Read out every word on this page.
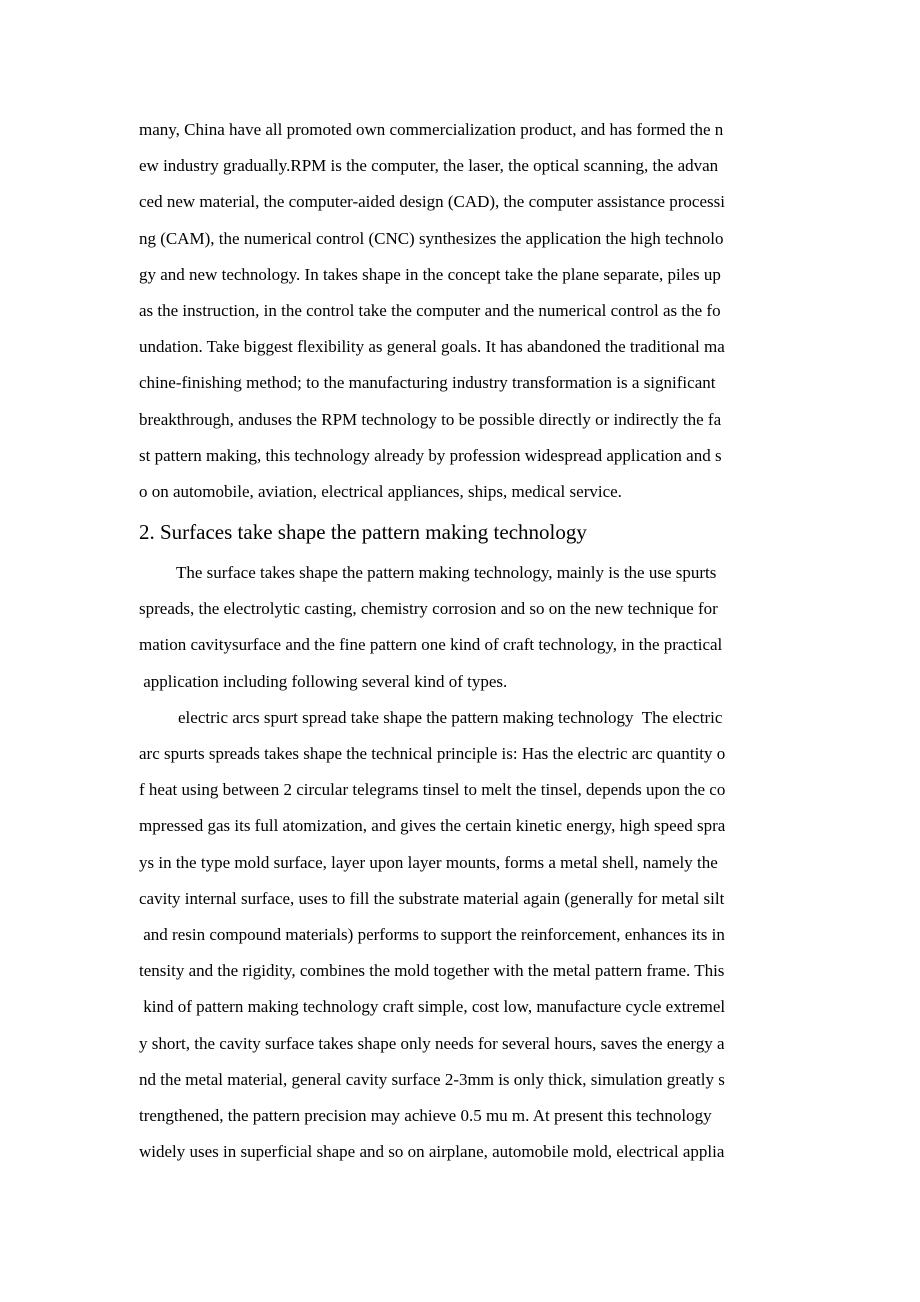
many, China have all promoted own commercialization product, and has formed the n
ew industry gradually.RPM is the computer, the laser, the optical scanning, the advan
ced new material, the computer-aided design (CAD), the computer assistance processi
ng (CAM), the numerical control (CNC) synthesizes the application the high technolo
gy and new technology. In takes shape in the concept take the plane separate, piles up
as the instruction, in the control take the computer and the numerical control as the fo
undation. Take biggest flexibility as general goals. It has abandoned the traditional ma
chine-finishing method; to the manufacturing industry transformation is a significant
breakthrough, anduses the RPM technology to be possible directly or indirectly the fa
st pattern making, this technology already by profession widespread application and s
o on automobile, aviation, electrical appliances, ships, medical service.
2. Surfaces take shape the pattern making technology
The surface takes shape the pattern making technology, mainly is the use spurts
spreads, the electrolytic casting, chemistry corrosion and so on the new technique for
mation cavitysurface and the fine pattern one kind of craft technology, in the practical
application including following several kind of types.
electric arcs spurt spread take shape the pattern making technology  The electric
arc spurts spreads takes shape the technical principle is: Has the electric arc quantity o
f heat using between 2 circular telegrams tinsel to melt the tinsel, depends upon the co
mpressed gas its full atomization, and gives the certain kinetic energy, high speed spra
ys in the type mold surface, layer upon layer mounts, forms a metal shell, namely the
cavity internal surface, uses to fill the substrate material again (generally for metal silt
and resin compound materials) performs to support the reinforcement, enhances its in
tensity and the rigidity, combines the mold together with the metal pattern frame. This
kind of pattern making technology craft simple, cost low, manufacture cycle extremel
y short, the cavity surface takes shape only needs for several hours, saves the energy a
nd the metal material, general cavity surface 2-3mm is only thick, simulation greatly s
trengthened, the pattern precision may achieve 0.5 mu m. At present this technology
widely uses in superficial shape and so on airplane, automobile mold, electrical applia
